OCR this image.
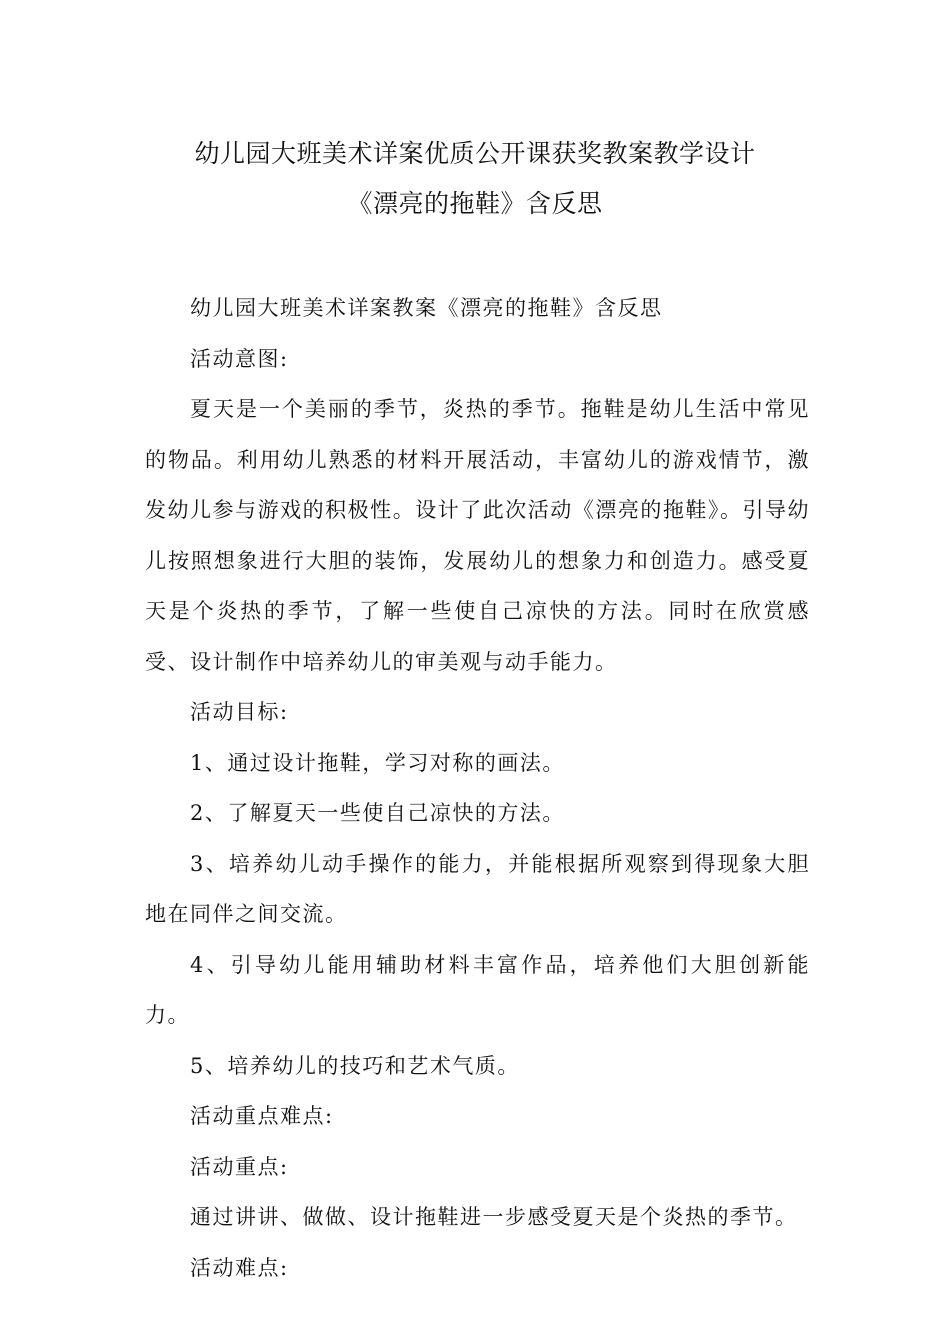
幼儿园大班美术详案优质公开课获奖教案教学设计
《漂亮的拖鞋》含反思

幼儿园大班美术详案教案《漂亮的拖鞋》含反思

活动意图:

夏天是一个美丽的季节，炎热的季节。拖鞋是幼儿生活中常见的物品。利用幼儿熟悉的材料开展活动，丰富幼儿的游戏情节，激发幼儿参与游戏的积极性。设计了此次活动《漂亮的拖鞋》。引导幼儿按照想象进行大胆的装饰，发展幼儿的想象力和创造力。感受夏天是个炎热的季节，了解一些使自己凉快的方法。同时在欣赏感受、设计制作中培养幼儿的审美观与动手能力。

活动目标:

1、通过设计拖鞋，学习对称的画法。

2、了解夏天一些使自己凉快的方法。

3、培养幼儿动手操作的能力，并能根据所观察到得现象大胆地在同伴之间交流。

4、引导幼儿能用辅助材料丰富作品，培养他们大胆创新能力。

5、培养幼儿的技巧和艺术气质。

活动重点难点:

活动重点:

通过讲讲、做做、设计拖鞋进一步感受夏天是个炎热的季节。

活动难点:
